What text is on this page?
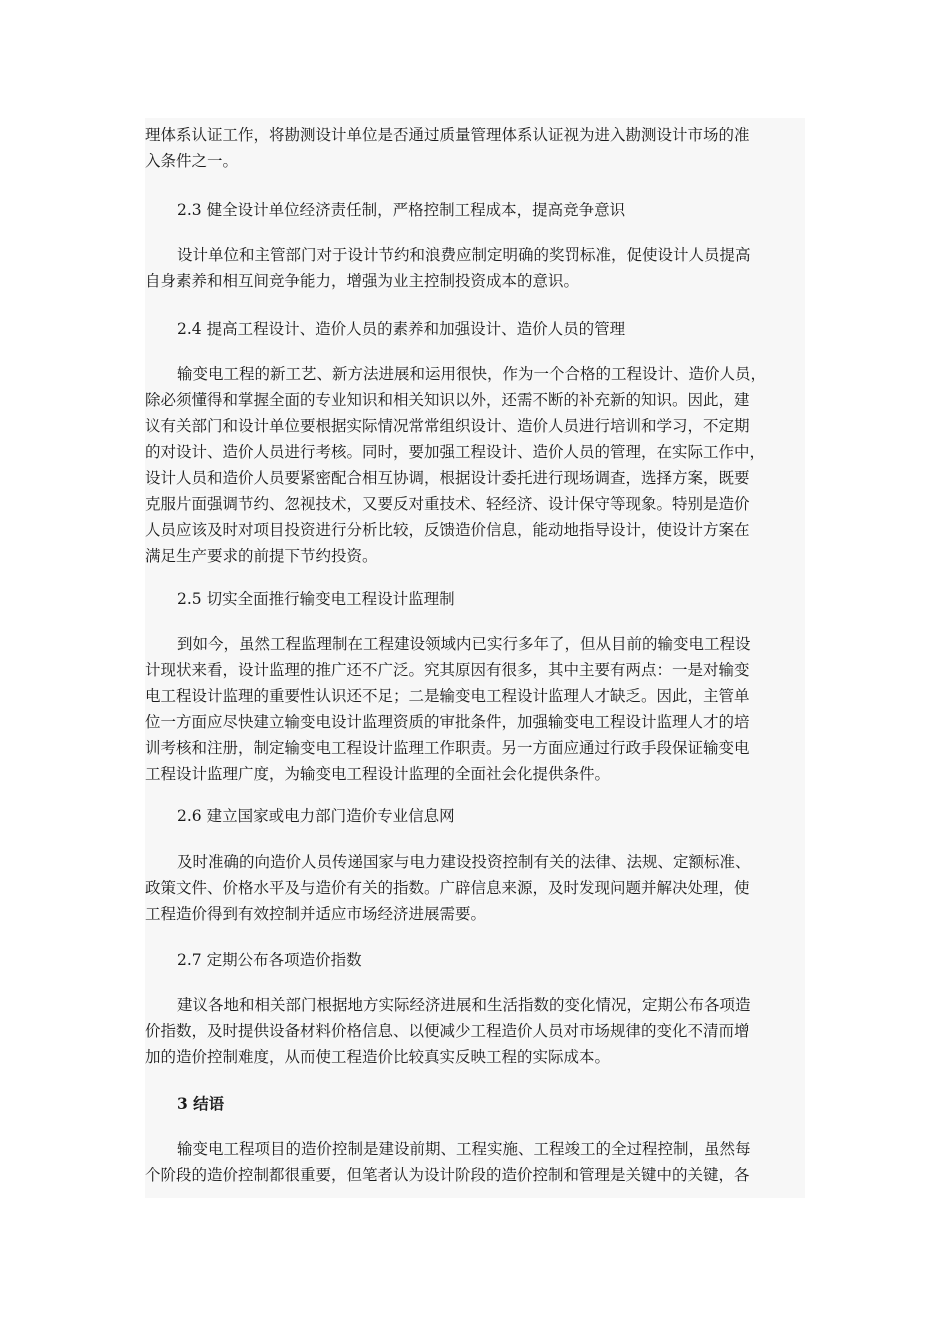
理体系认证工作，将勘测设计单位是否通过质量管理体系认证视为进入勘测设计市场的准
入条件之一。
2.3 健全设计单位经济责任制，严格控制工程成本，提高竞争意识
设计单位和主管部门对于设计节约和浪费应制定明确的奖罚标准，促使设计人员提高
自身素养和相互间竞争能力，增强为业主控制投资成本的意识。
2.4 提高工程设计、造价人员的素养和加强设计、造价人员的管理
输变电工程的新工艺、新方法进展和运用很快，作为一个合格的工程设计、造价人员，
除必须懂得和掌握全面的专业知识和相关知识以外，还需不断的补充新的知识。因此，建
议有关部门和设计单位要根据实际情况常常组织设计、造价人员进行培训和学习，不定期
的对设计、造价人员进行考核。同时，要加强工程设计、造价人员的管理，在实际工作中，
设计人员和造价人员要紧密配合相互协调，根据设计委托进行现场调查，选择方案，既要
克服片面强调节约、忽视技术，又要反对重技术、轻经济、设计保守等现象。特别是造价
人员应该及时对项目投资进行分析比较，反馈造价信息，能动地指导设计，使设计方案在
满足生产要求的前提下节约投资。
2.5 切实全面推行输变电工程设计监理制
到如今，虽然工程监理制在工程建设领域内已实行多年了，但从目前的输变电工程设
计现状来看，设计监理的推广还不广泛。究其原因有很多，其中主要有两点：一是对输变
电工程设计监理的重要性认识还不足；二是输变电工程设计监理人才缺乏。因此，主管单
位一方面应尽快建立输变电设计监理资质的审批条件，加强输变电工程设计监理人才的培
训考核和注册，制定输变电工程设计监理工作职责。另一方面应通过行政手段保证输变电
工程设计监理广度，为输变电工程设计监理的全面社会化提供条件。
2.6 建立国家或电力部门造价专业信息网
及时准确的向造价人员传递国家与电力建设投资控制有关的法律、法规、定额标准、
政策文件、价格水平及与造价有关的指数。广辟信息来源，及时发现问题并解决处理，使
工程造价得到有效控制并适应市场经济进展需要。
2.7 定期公布各项造价指数
建议各地和相关部门根据地方实际经济进展和生活指数的变化情况，定期公布各项造
价指数，及时提供设备材料价格信息、以便减少工程造价人员对市场规律的变化不清而增
加的造价控制难度，从而使工程造价比较真实反映工程的实际成本。
3 结语
输变电工程项目的造价控制是建设前期、工程实施、工程竣工的全过程控制，虽然每
个阶段的造价控制都很重要，但笔者认为设计阶段的造价控制和管理是关键中的关键，各
